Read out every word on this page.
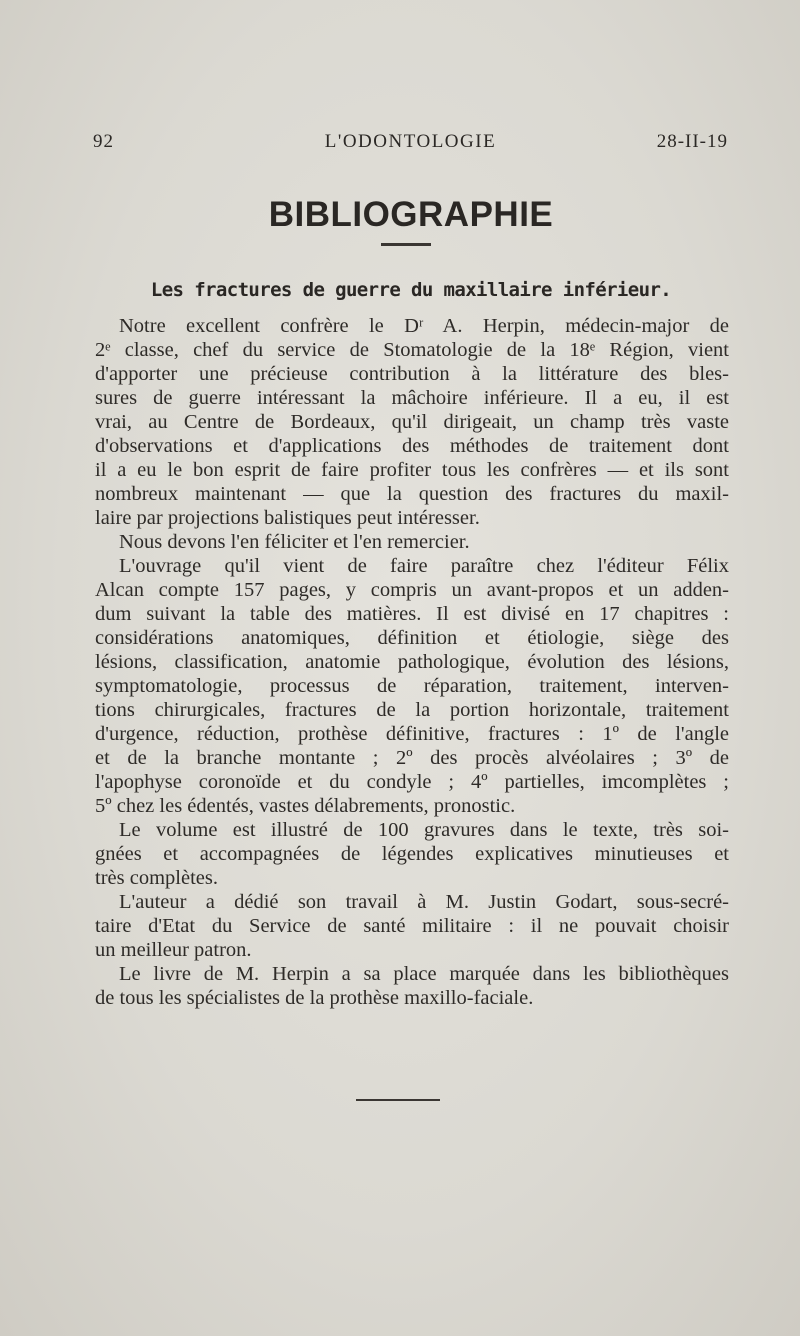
92	L'ODONTOLOGIE	28-II-19
BIBLIOGRAPHIE
Les fractures de guerre du maxillaire inférieur.
Notre excellent confrère le Dʳ A. Herpin, médecin-major de
2ᵉ classe, chef du service de Stomatologie de la 18ᵉ Région, vient
d'apporter une précieuse contribution à la littérature des bles-
sures de guerre intéressant la mâchoire inférieure. Il a eu, il est
vrai, au Centre de Bordeaux, qu'il dirigeait, un champ très vaste
d'observations et d'applications des méthodes de traitement dont
il a eu le bon esprit de faire profiter tous les confrères — et ils sont
nombreux maintenant — que la question des fractures du maxil-
laire par projections balistiques peut intéresser.
Nous devons l'en féliciter et l'en remercier.
L'ouvrage qu'il vient de faire paraître chez l'éditeur Félix
Alcan compte 157 pages, y compris un avant-propos et un adden-
dum suivant la table des matières. Il est divisé en 17 chapitres :
considérations anatomiques, définition et étiologie, siège des
lésions, classification, anatomie pathologique, évolution des lésions,
symptomatologie, processus de réparation, traitement, interven-
tions chirurgicales, fractures de la portion horizontale, traitement
d'urgence, réduction, prothèse définitive, fractures : 1º de l'angle
et de la branche montante ; 2º des procès alvéolaires ; 3º de
l'apophyse coronoïde et du condyle ; 4º partielles, imcomplètes ;
5º chez les édentés, vastes délabrements, pronostic.
Le volume est illustré de 100 gravures dans le texte, très soi-
gnées et accompagnées de légendes explicatives minutieuses et
très complètes.
L'auteur a dédié son travail à M. Justin Godart, sous-secré-
taire d'Etat du Service de santé militaire : il ne pouvait choisir
un meilleur patron.
Le livre de M. Herpin a sa place marquée dans les bibliothèques
de tous les spécialistes de la prothèse maxillo-faciale.
